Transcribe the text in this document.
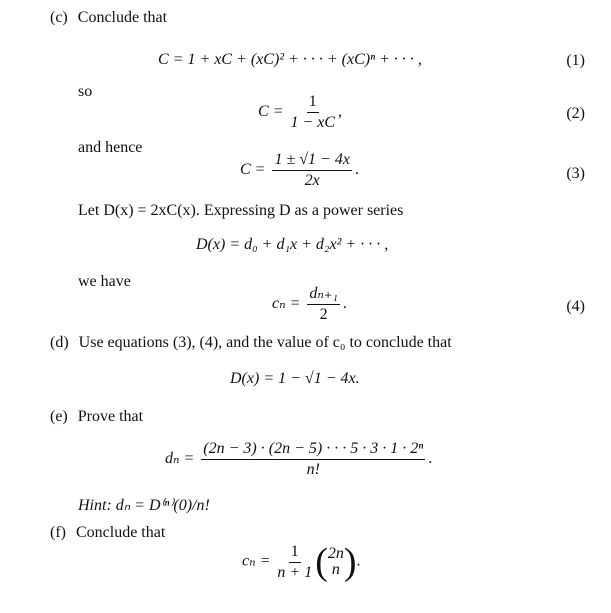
(c) Conclude that
C = 1 + xC + (xC)² + · · · + (xC)ⁿ + · · · ,	(1)
so
$C = \frac{1}{1 - xC}$ ,	(2)
and hence
$C = \frac{1 \pm √1 - 4x}{2x}$ .	(3)
Let D(x) = 2xC(x). Expressing D as a power series
D(x) = d₀ + d₁x + d₂x² + · · · ,
we have
$c_n = \frac{\text{dₙ₊₁}}{2}$ .	(4)
(d) Use equations (3), (4), and the value of c₀ to conclude that
D(x) = 1 − √1 − 4x.
(e) Prove that
$d_n = \frac{\text{(2n − 3) · (2n − 5) · · · 5 · 3 · 1 · 2ⁿ}}{n!}$ .
Hint: dₙ = D⁽ⁿ⁾(0)/n!
(f) Conclude that
$c_n = \frac{1}{n + 1}$ ( 2n
n ).
